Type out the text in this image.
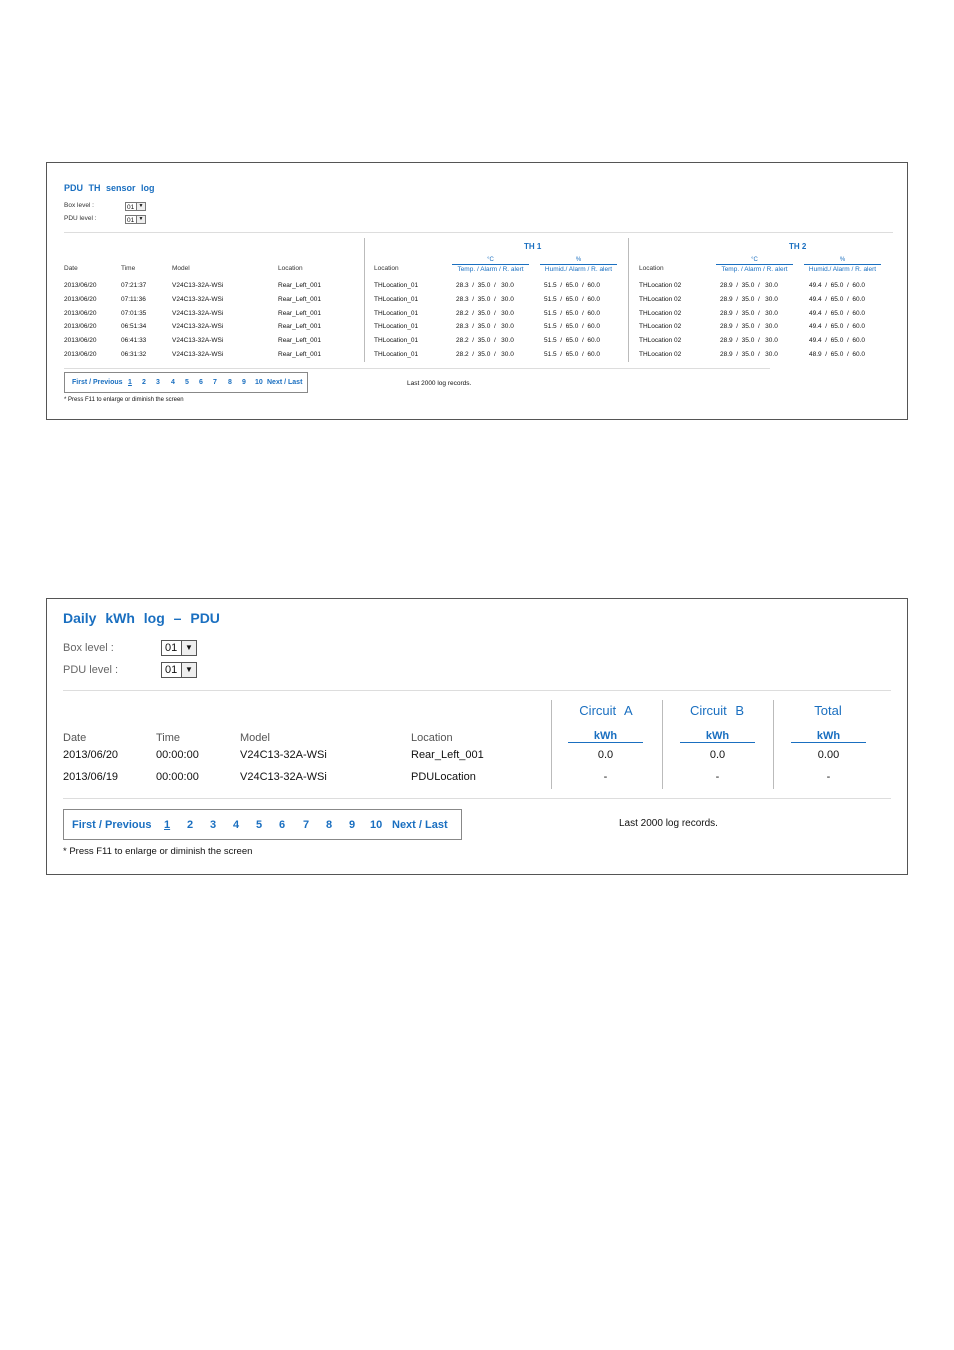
PDU TH sensor log
Box level :	01 ▼
PDU level :	01 ▼
TH 1	TH 2
°C
Temp. / Alarm / R. alert
%
Humid./ Alarm / R. alert
°C
Temp. / Alarm / R. alert
%
Humid./ Alarm / R. alert
Date	Time	Model	Location	Location	Location
2013/06/20	07:21:37	V24C13-32A-WSi	Rear_Left_001	THLocation_01	28.3  /  35.0  /   30.0	51.5  /  65.0  /  60.0	THLocation 02	28.9  /  35.0  /   30.0	49.4  /  65.0  /  60.0
2013/06/20	07:11:36	V24C13-32A-WSi	Rear_Left_001	THLocation_01	28.3  /  35.0  /   30.0	51.5  /  65.0  /  60.0	THLocation 02	28.9  /  35.0  /   30.0	49.4  /  65.0  /  60.0
2013/06/20	07:01:35	V24C13-32A-WSi	Rear_Left_001	THLocation_01	28.2  /  35.0  /   30.0	51.5  /  65.0  /  60.0	THLocation 02	28.9  /  35.0  /   30.0	49.4  /  65.0  /  60.0
2013/06/20	06:51:34	V24C13-32A-WSi	Rear_Left_001	THLocation_01	28.3  /  35.0  /   30.0	51.5  /  65.0  /  60.0	THLocation 02	28.9  /  35.0  /   30.0	49.4  /  65.0  /  60.0
2013/06/20	06:41:33	V24C13-32A-WSi	Rear_Left_001	THLocation_01	28.2  /  35.0  /   30.0	51.5  /  65.0  /  60.0	THLocation 02	28.9  /  35.0  /   30.0	49.4  /  65.0  /  60.0
2013/06/20	06:31:32	V24C13-32A-WSi	Rear_Left_001	THLocation_01	28.2  /  35.0  /   30.0	51.5  /  65.0  /  60.0	THLocation 02	28.9  /  35.0  /   30.0	48.9  /  65.0  /  60.0
First / Previous 1 2 3 4 5 6 7 8 9 10 Next / Last	Last 2000 log records.
* Press F11 to enlarge or diminish the screen
Daily kWh log – PDU
Box level :	01 ▼
PDU level :	01 ▼
Circuit A	Circuit B	Total
kWh	kWh	kWh
Date	Time	Model	Location
2013/06/20	00:00:00	V24C13-32A-WSi	Rear_Left_001	0.0	0.0	0.00
2013/06/19	00:00:00	V24C13-32A-WSi	PDULocation	-	-	-
First / Previous 1 2 3 4 5 6 7 8 9 10 Next / Last	Last 2000 log records.
* Press F11 to enlarge or diminish the screen
